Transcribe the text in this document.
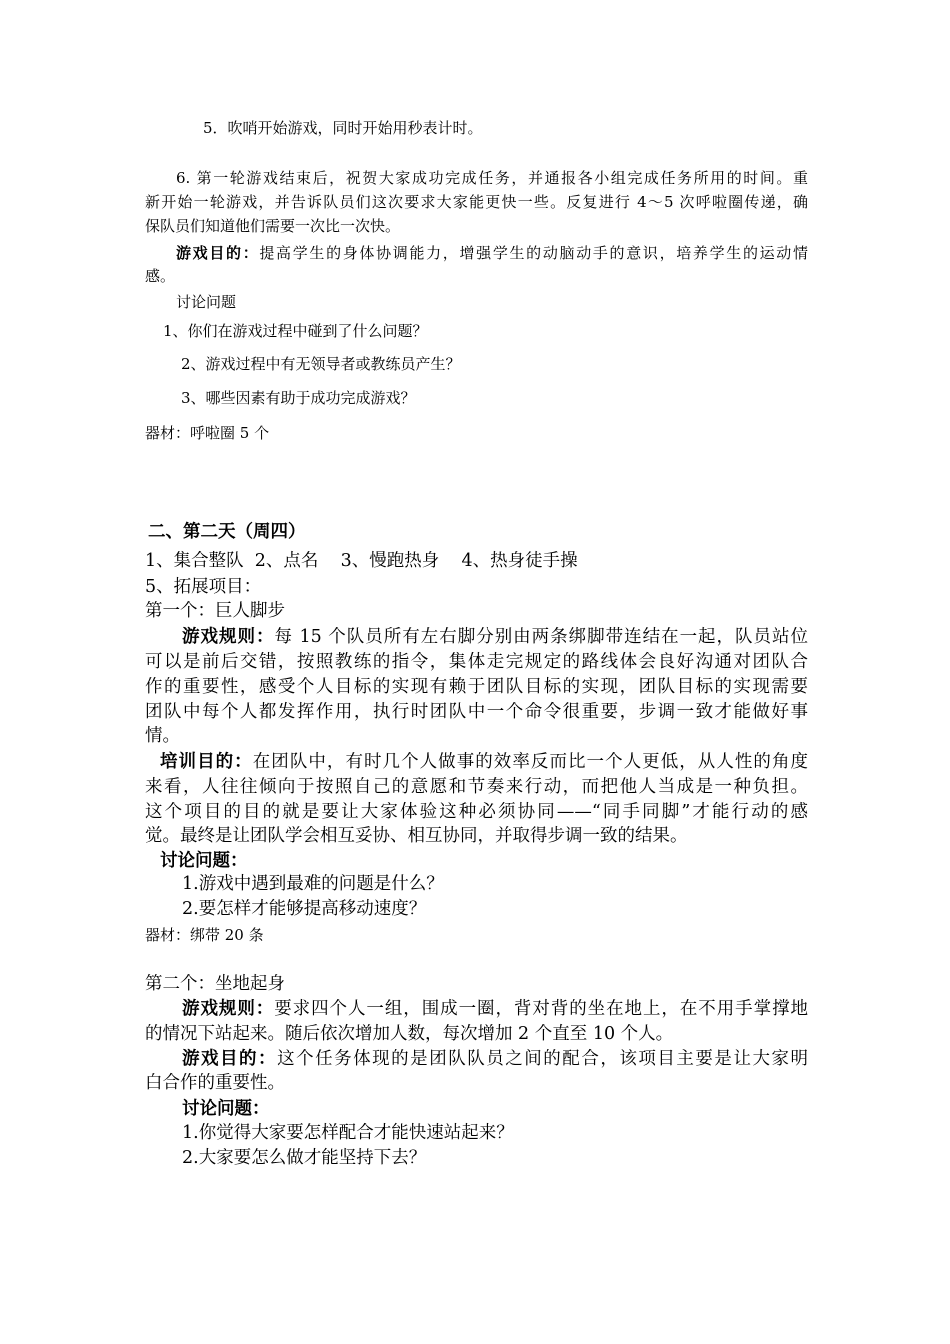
5．吹哨开始游戏，同时开始用秒表计时。
6. 第一轮游戏结束后，祝贺大家成功完成任务，并通报各小组完成任务所用的时间。重
新开始一轮游戏，并告诉队员们这次要求大家能更快一些。反复进行 4～5 次呼啦圈传递，确
保队员们知道他们需要一次比一次快。
游戏目的：提高学生的身体协调能力，增强学生的动脑动手的意识，培养学生的运动情
感。
讨论问题
1、你们在游戏过程中碰到了什么问题？
2、游戏过程中有无领导者或教练员产生？
3、哪些因素有助于成功完成游戏？
器材：呼啦圈 5 个
二、第二天（周四）
1、集合整队  2、点名    3、慢跑热身    4、热身徒手操
5、拓展项目：
第一个：巨人脚步
游戏规则：每 15 个队员所有左右脚分别由两条绑脚带连结在一起，队员站位
可以是前后交错，按照教练的指令，集体走完规定的路线体会良好沟通对团队合
作的重要性，感受个人目标的实现有赖于团队目标的实现，团队目标的实现需要
团队中每个人都发挥作用，执行时团队中一个命令很重要，步调一致才能做好事
情。
培训目的：在团队中，有时几个人做事的效率反而比一个人更低，从人性的角度
来看，人往往倾向于按照自己的意愿和节奏来行动，而把他人当成是一种负担。
这个项目的目的就是要让大家体验这种必须协同——“同手同脚”才能行动的感
觉。最终是让团队学会相互妥协、相互协同，并取得步调一致的结果。
讨论问题：
1.游戏中遇到最难的问题是什么？
2.要怎样才能够提高移动速度？
器材：绑带 20 条
第二个：坐地起身
游戏规则：要求四个人一组，围成一圈，背对背的坐在地上，在不用手掌撑地
的情况下站起来。随后依次增加人数，每次增加 2 个直至 10 个人。
游戏目的：这个任务体现的是团队队员之间的配合，该项目主要是让大家明
白合作的重要性。
讨论问题：
1.你觉得大家要怎样配合才能快速站起来？
2.大家要怎么做才能坚持下去？
